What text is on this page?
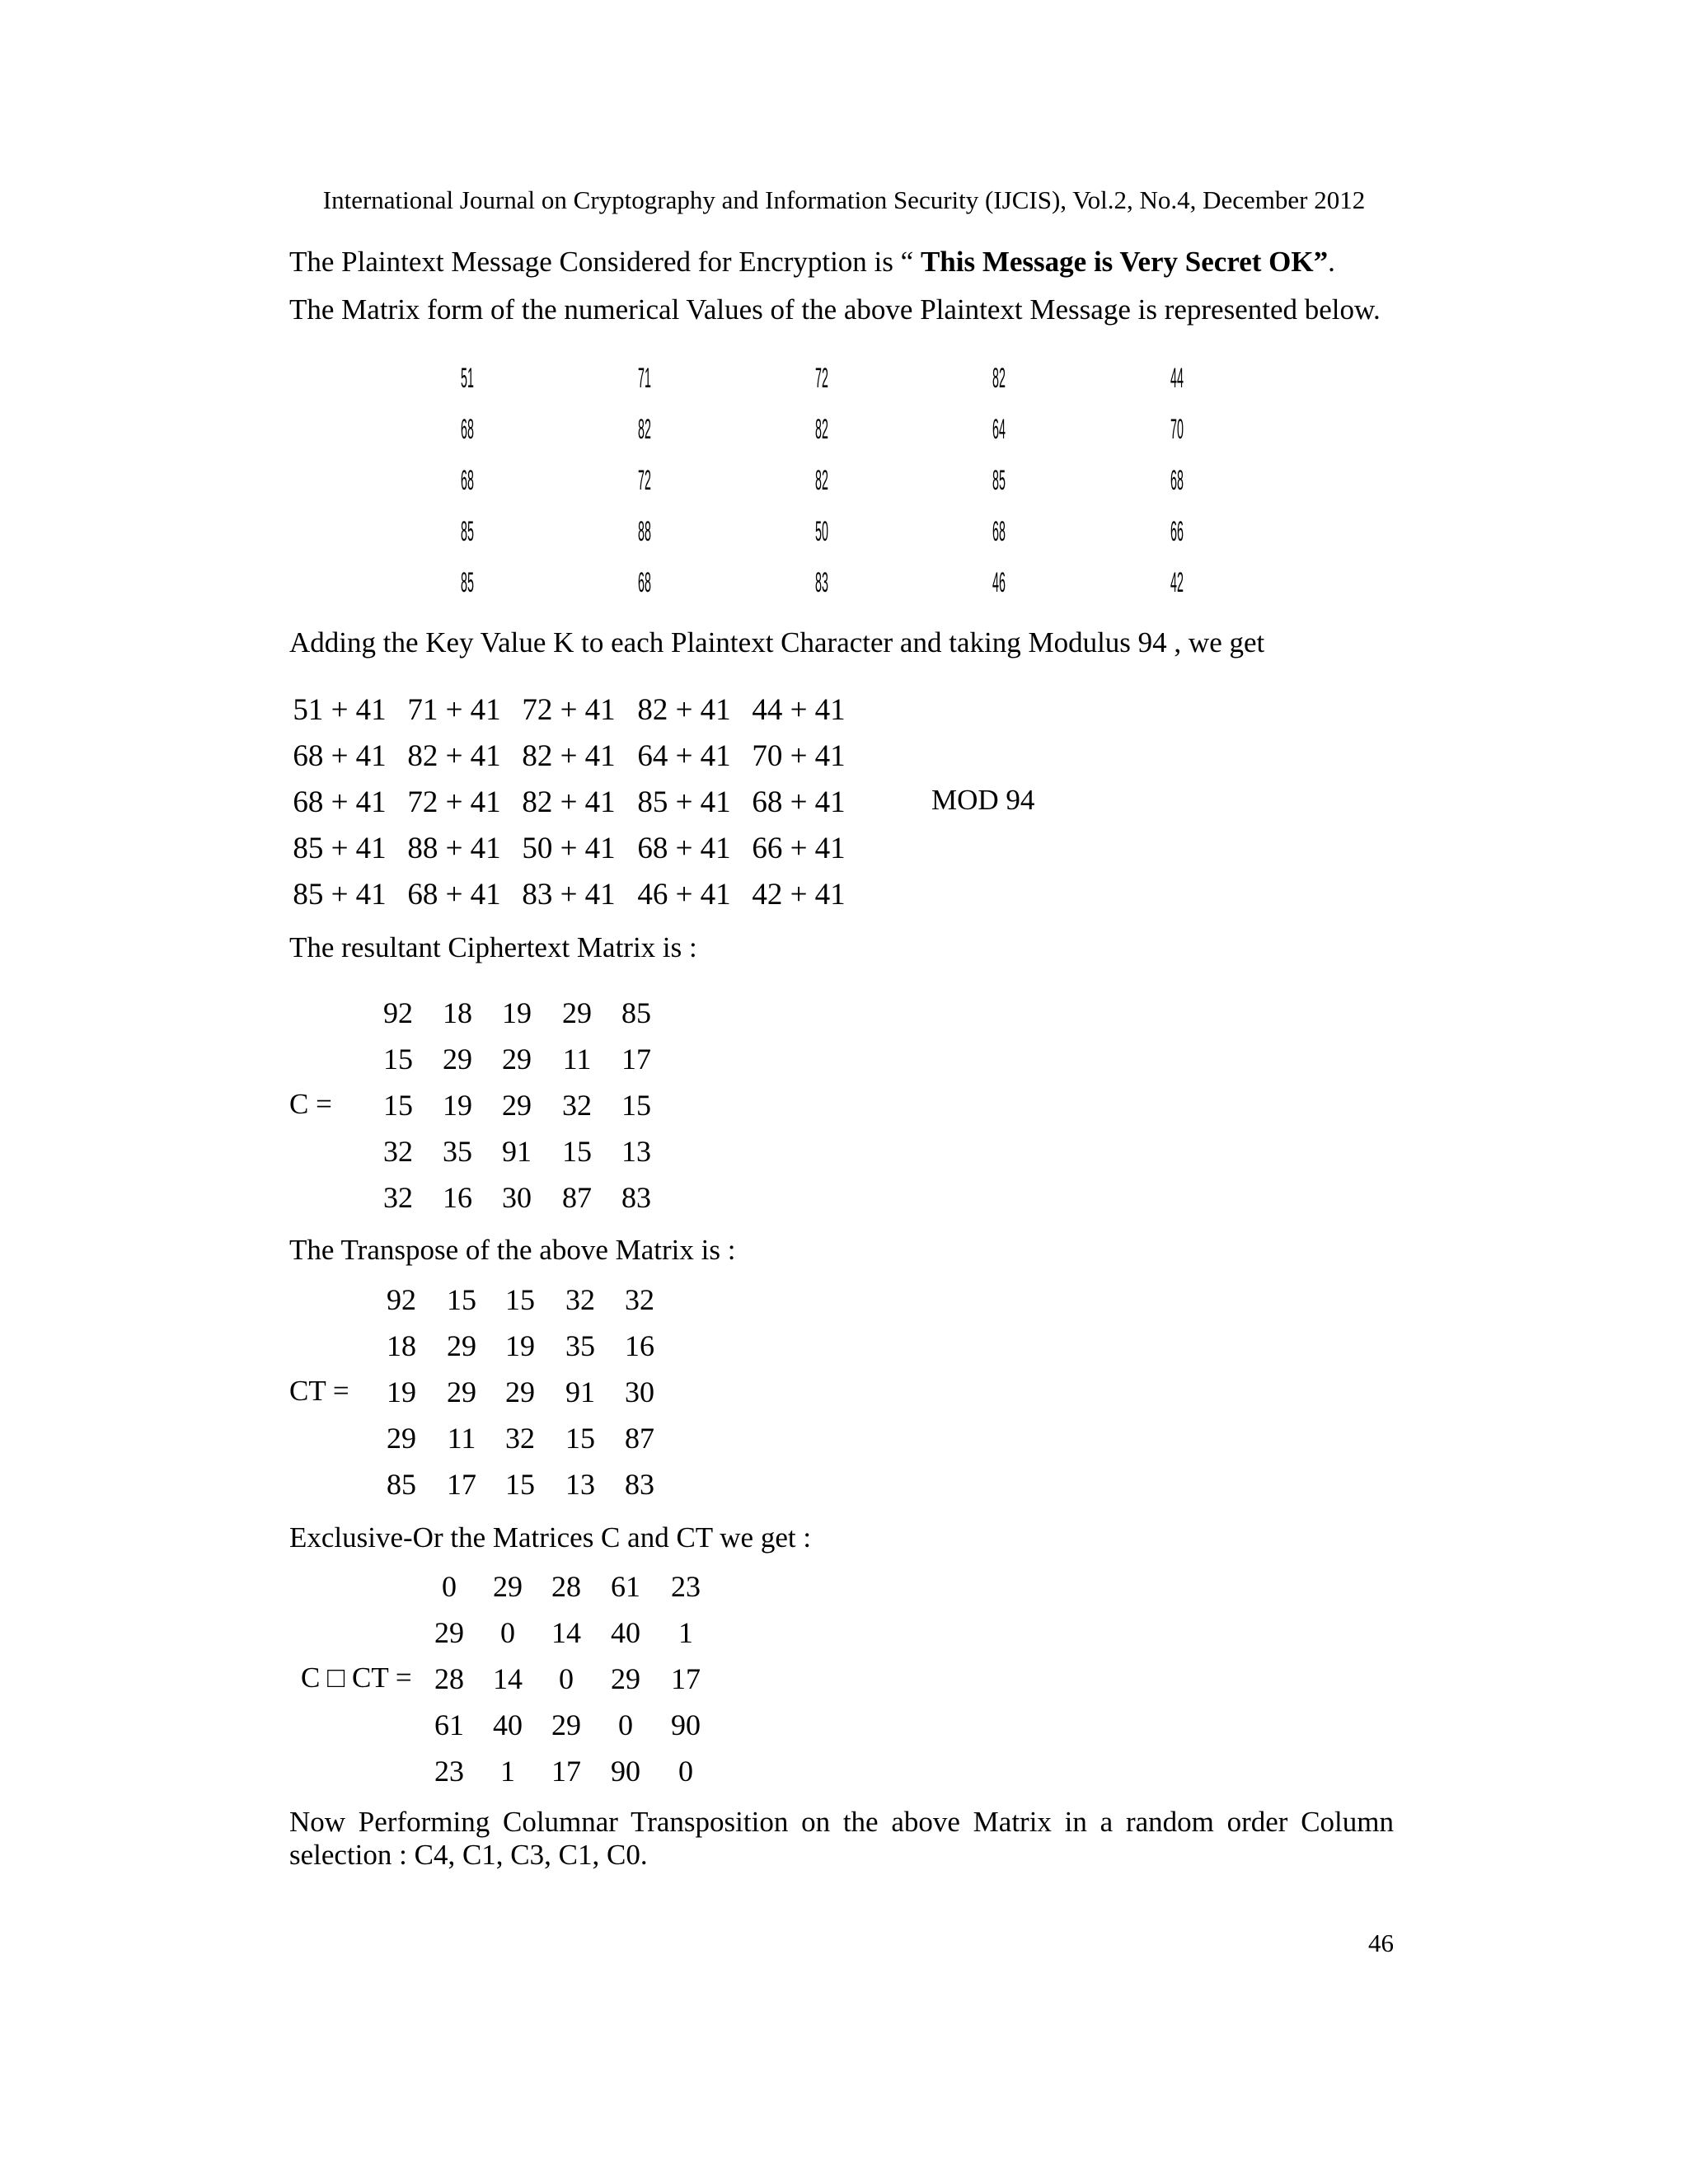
International Journal on Cryptography and Information Security (IJCIS), Vol.2, No.4, December 2012
The Plaintext Message Considered for Encryption is “ This Message is Very Secret OK”.
The Matrix form of the numerical Values of the above Plaintext Message is represented below.
51	71	72	82	44
68	82	82	64	70
68	72	82	85	68
85	88	50	68	66
85	68	83	46	42
Adding the Key Value K to each Plaintext Character and taking Modulus 94 , we get
51 + 41 71 + 41 72 + 41 82 + 41 44 + 41
68 + 41 82 + 41 82 + 41 64 + 41 70 + 41
68 + 41 72 + 41 82 + 41 85 + 41 68 + 41
85 + 41 88 + 41 50 + 41 68 + 41 66 + 41
85 + 41 68 + 41 83 + 41 46 + 41 42 + 41
MOD 94
The resultant Ciphertext Matrix is :
C =
92	18	19	29	85
15	29	29	11	17
15	19	29	32	15
32	35	91	15	13
32	16	30	87	83
The Transpose of the above Matrix is :
CT =
92	15 15	32	32
18	29 19	35	16
19	29 29	91	30
29	11 32	15	87
85	17 15	13	83
Exclusive-Or the Matrices C and CT we get :
C □ CT =
0	29 28	61	23
29	0	14	40	1
28 14	0	29	17
61 40 29	0	90
23	1	17	90	0
Now Performing Columnar Transposition on the above Matrix in a random order Column selection : C4, C1, C3, C1, C0.
46
